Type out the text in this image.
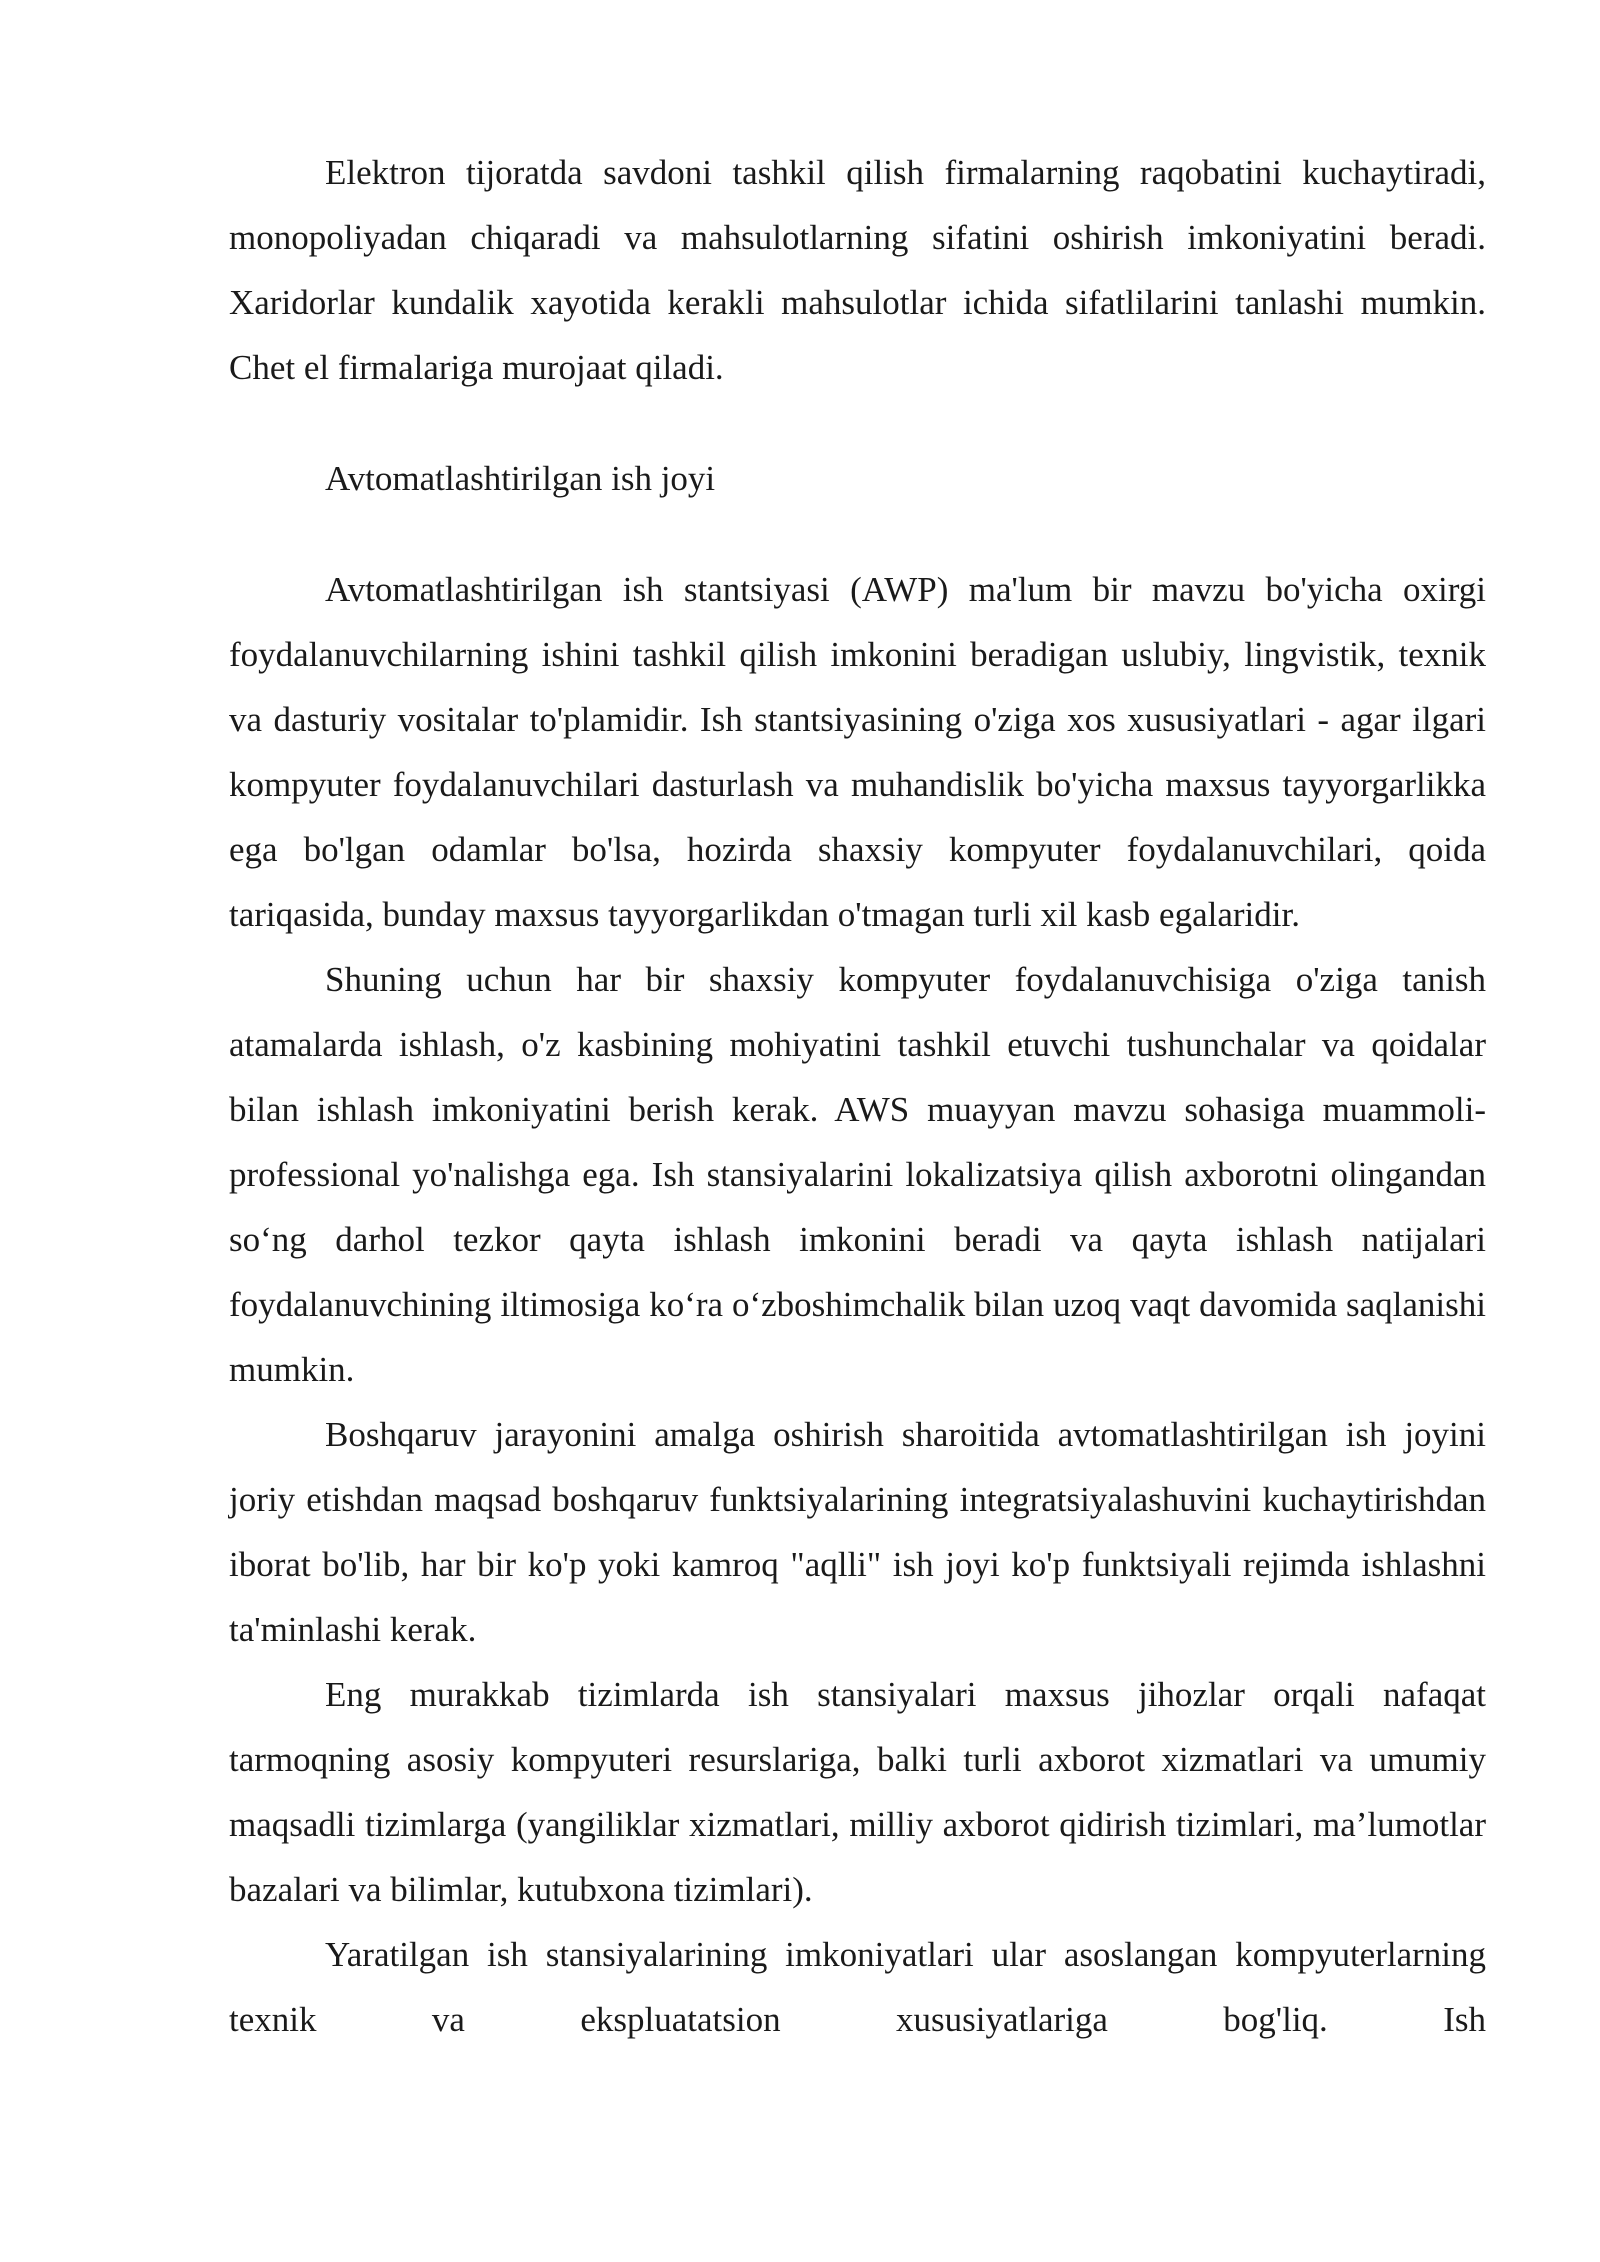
Elektron tijoratda savdoni tashkil qilish firmalarning raqobatini kuchaytiradi, monopoliyadan chiqaradi va mahsulotlarning sifatini oshirish imkoniyatini beradi. Xaridorlar kundalik xayotida kerakli mahsulotlar ichida sifatlilarini tanlashi mumkin. Chet el firmalariga murojaat qiladi.

Avtomatlashtirilgan ish joyi

Avtomatlashtirilgan ish stantsiyasi (AWP) ma'lum bir mavzu bo'yicha oxirgi foydalanuvchilarning ishini tashkil qilish imkonini beradigan uslubiy, lingvistik, texnik va dasturiy vositalar to'plamidir. Ish stantsiyasining o'ziga xos xususiyatlari - agar ilgari kompyuter foydalanuvchilari dasturlash va muhandislik bo'yicha maxsus tayyorgarlikka ega bo'lgan odamlar bo'lsa, hozirda shaxsiy kompyuter foydalanuvchilari, qoida tariqasida, bunday maxsus tayyorgarlikdan o'tmagan turli xil kasb egalaridir.

Shuning uchun har bir shaxsiy kompyuter foydalanuvchisiga o'ziga tanish atamalarda ishlash, o'z kasbining mohiyatini tashkil etuvchi tushunchalar va qoidalar bilan ishlash imkoniyatini berish kerak. AWS muayyan mavzu sohasiga muammoli-professional yo'nalishga ega. Ish stansiyalarini lokalizatsiya qilish axborotni olingandan so‘ng darhol tezkor qayta ishlash imkonini beradi va qayta ishlash natijalari foydalanuvchining iltimosiga ko‘ra o‘zboshimchalik bilan uzoq vaqt davomida saqlanishi mumkin.

Boshqaruv jarayonini amalga oshirish sharoitida avtomatlashtirilgan ish joyini joriy etishdan maqsad boshqaruv funktsiyalarining integratsiyalashuvini kuchaytirishdan iborat bo'lib, har bir ko'p yoki kamroq "aqlli" ish joyi ko'p funktsiyali rejimda ishlashni ta'minlashi kerak.

Eng murakkab tizimlarda ish stansiyalari maxsus jihozlar orqali nafaqat tarmoqning asosiy kompyuteri resurslariga, balki turli axborot xizmatlari va umumiy maqsadli tizimlarga (yangiliklar xizmatlari, milliy axborot qidirish tizimlari, ma’lumotlar bazalari va bilimlar, kutubxona tizimlari).

Yaratilgan ish stansiyalarining imkoniyatlari ular asoslangan kompyuterlarning texnik va ekspluatatsion xususiyatlariga bog'liq. Ish
